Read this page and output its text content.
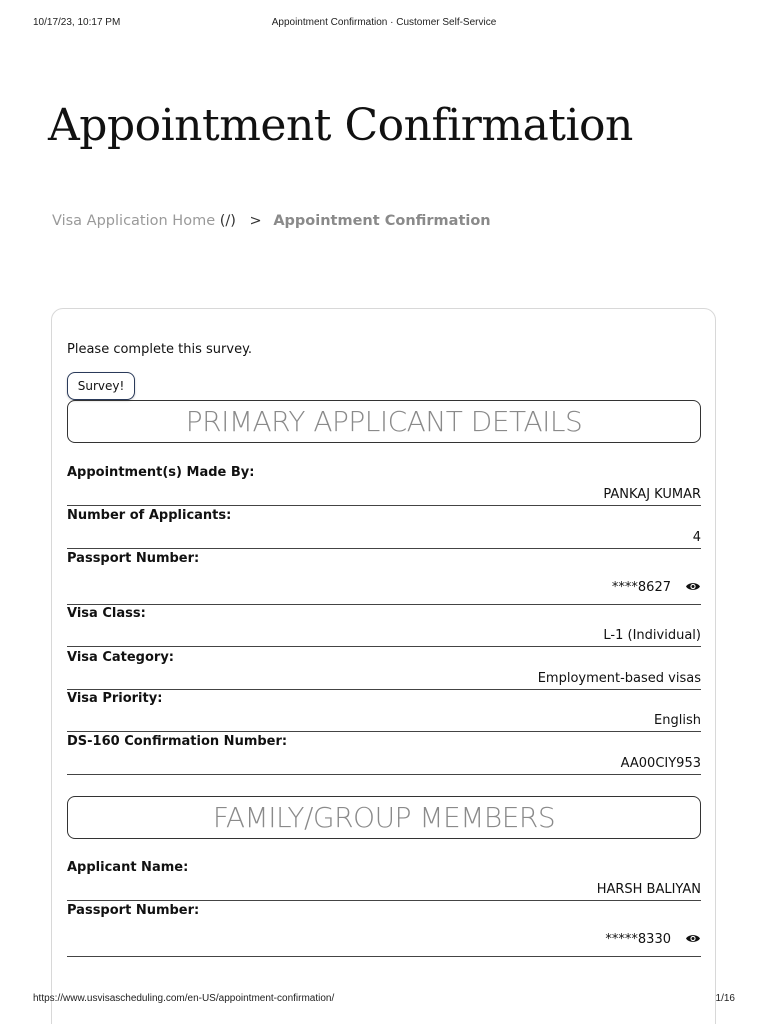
10/17/23, 10:17 PM	Appointment Confirmation · Customer Self-Service
Appointment Confirmation
Visa Application Home (/) > Appointment Confirmation
Please complete this survey.
Survey!
PRIMARY APPLICANT DETAILS
Appointment(s) Made By:
PANKAJ KUMAR
Number of Applicants:
4
Passport Number:
****8627
Visa Class:
L-1 (Individual)
Visa Category:
Employment-based visas
Visa Priority:
English
DS-160 Confirmation Number:
AA00CIY953
FAMILY/GROUP MEMBERS
Applicant Name:
HARSH BALIYAN
Passport Number:
*****8330
https://www.usvisascheduling.com/en-US/appointment-confirmation/	1/16
